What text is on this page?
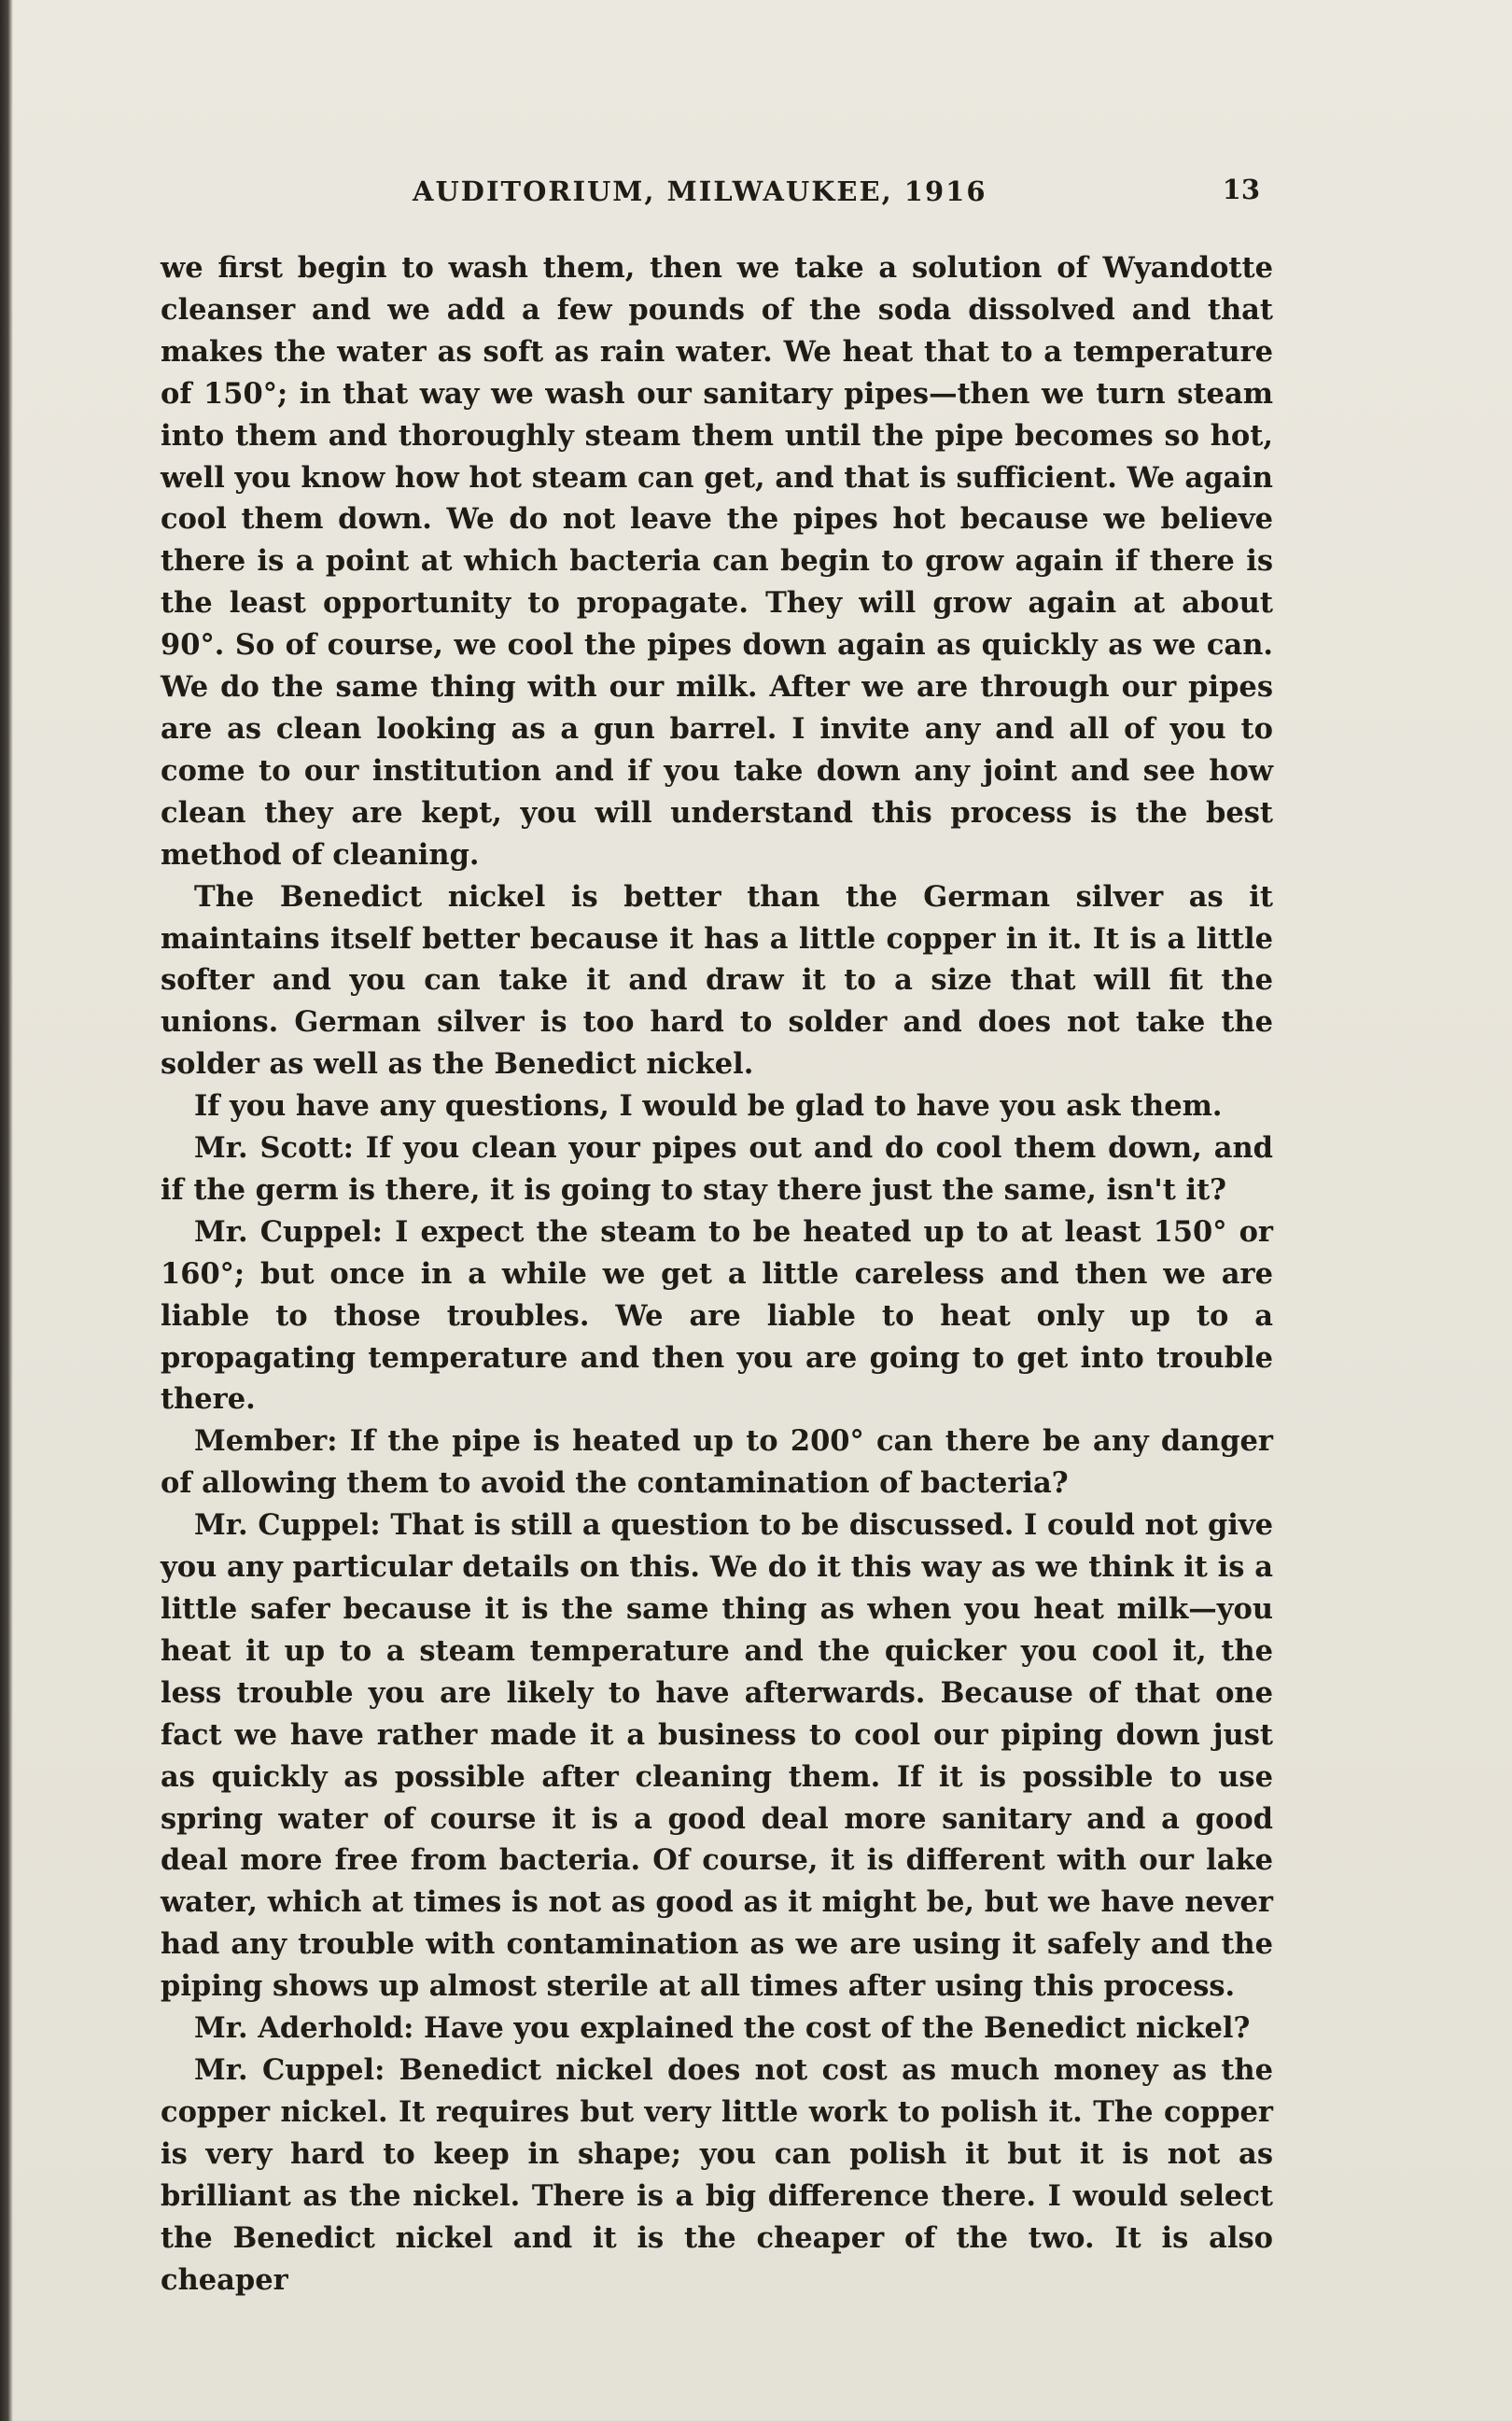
AUDITORIUM, MILWAUKEE, 1916	13

we first begin to wash them, then we take a solution of Wyandotte cleanser and we add a few pounds of the soda dissolved and that makes the water as soft as rain water. We heat that to a temperature of 150°; in that way we wash our sanitary pipes—then we turn steam into them and thoroughly steam them until the pipe becomes so hot, well you know how hot steam can get, and that is sufficient. We again cool them down. We do not leave the pipes hot because we believe there is a point at which bacteria can begin to grow again if there is the least opportunity to propagate. They will grow again at about 90°. So of course, we cool the pipes down again as quickly as we can. We do the same thing with our milk. After we are through our pipes are as clean looking as a gun barrel. I invite any and all of you to come to our institution and if you take down any joint and see how clean they are kept, you will understand this process is the best method of cleaning.

The Benedict nickel is better than the German silver as it maintains itself better because it has a little copper in it. It is a little softer and you can take it and draw it to a size that will fit the unions. German silver is too hard to solder and does not take the solder as well as the Benedict nickel.

If you have any questions, I would be glad to have you ask them.

Mr. Scott: If you clean your pipes out and do cool them down, and if the germ is there, it is going to stay there just the same, isn't it?

Mr. Cuppel: I expect the steam to be heated up to at least 150° or 160°; but once in a while we get a little careless and then we are liable to those troubles. We are liable to heat only up to a propagating temperature and then you are going to get into trouble there.

Member: If the pipe is heated up to 200° can there be any danger of allowing them to avoid the contamination of bacteria?

Mr. Cuppel: That is still a question to be discussed. I could not give you any particular details on this. We do it this way as we think it is a little safer because it is the same thing as when you heat milk—you heat it up to a steam temperature and the quicker you cool it, the less trouble you are likely to have afterwards. Because of that one fact we have rather made it a business to cool our piping down just as quickly as possible after cleaning them. If it is possible to use spring water of course it is a good deal more sanitary and a good deal more free from bacteria. Of course, it is different with our lake water, which at times is not as good as it might be, but we have never had any trouble with contamination as we are using it safely and the piping shows up almost sterile at all times after using this process.

Mr. Aderhold: Have you explained the cost of the Benedict nickel?

Mr. Cuppel: Benedict nickel does not cost as much money as the copper nickel. It requires but very little work to polish it. The copper is very hard to keep in shape; you can polish it but it is not as brilliant as the nickel. There is a big difference there. I would select the Benedict nickel and it is the cheaper of the two. It is also cheaper
